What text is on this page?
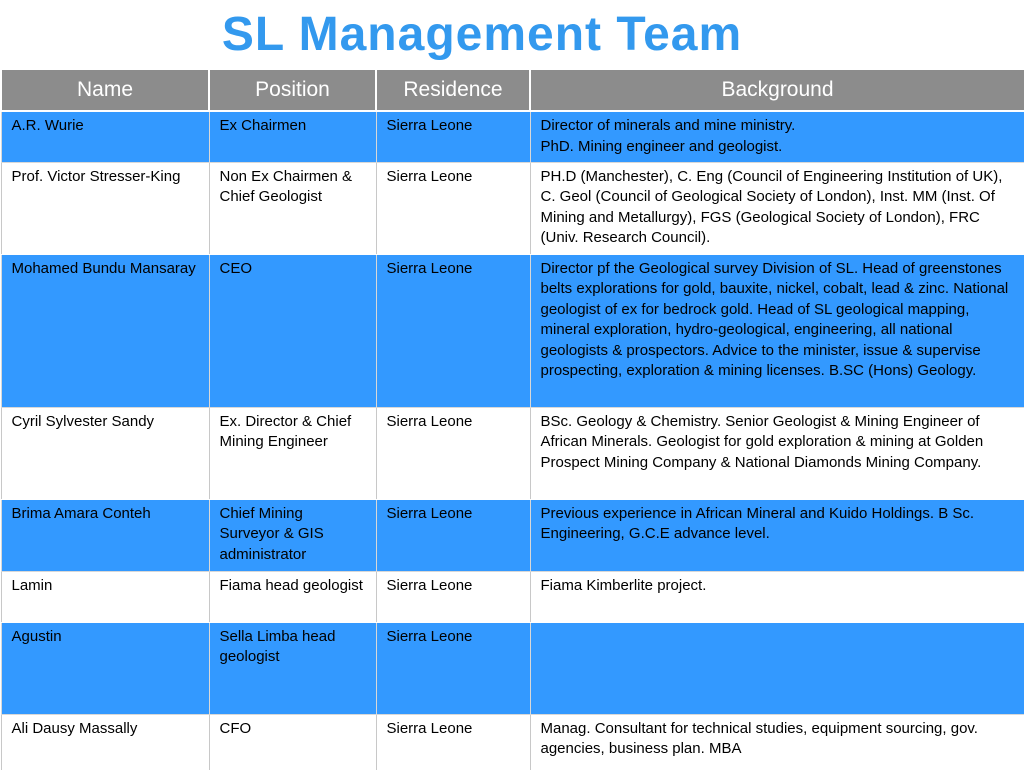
SL Management Team
Name	Position	Residence	Background
A.R. Wurie	Ex Chairmen	Sierra Leone	Director of minerals and mine ministry.
PhD. Mining engineer and geologist.

Prof. Victor Stresser-King	Non Ex Chairmen & Chief Geologist	Sierra Leone	PH.D (Manchester), C. Eng (Council of Engineering Institution of UK), C. Geol (Council of Geological Society of London), Inst. MM (Inst. Of Mining and Metallurgy), FGS (Geological Society of London), FRC (Univ. Research Council).
Mohamed Bundu Mansaray	CEO	Sierra Leone	Director pf the Geological survey Division of SL. Head of greenstones belts explorations for gold, bauxite, nickel, cobalt, lead & zinc. National geologist of ex for bedrock gold. Head of SL geological mapping, mineral exploration, hydro-geological, engineering, all national geologists & prospectors. Advice to the minister, issue & supervise prospecting, exploration & mining licenses. B.SC (Hons) Geology.
Cyril Sylvester Sandy	Ex. Director & Chief Mining Engineer	Sierra Leone	BSc. Geology & Chemistry. Senior Geologist & Mining Engineer of African Minerals. Geologist for gold exploration & mining at Golden Prospect Mining Company & National Diamonds Mining Company.
Brima Amara Conteh	Chief Mining Surveyor & GIS administrator	Sierra Leone	Previous experience in African Mineral and Kuido Holdings. B Sc. Engineering, G.C.E advance level.
Lamin	Fiama head geologist	Sierra Leone	Fiama Kimberlite project.
Agustin	Sella Limba head geologist	Sierra Leone	
Ali Dausy Massally	CFO	Sierra Leone	Manag. Consultant for technical studies, equipment sourcing, gov. agencies, business plan. MBA
